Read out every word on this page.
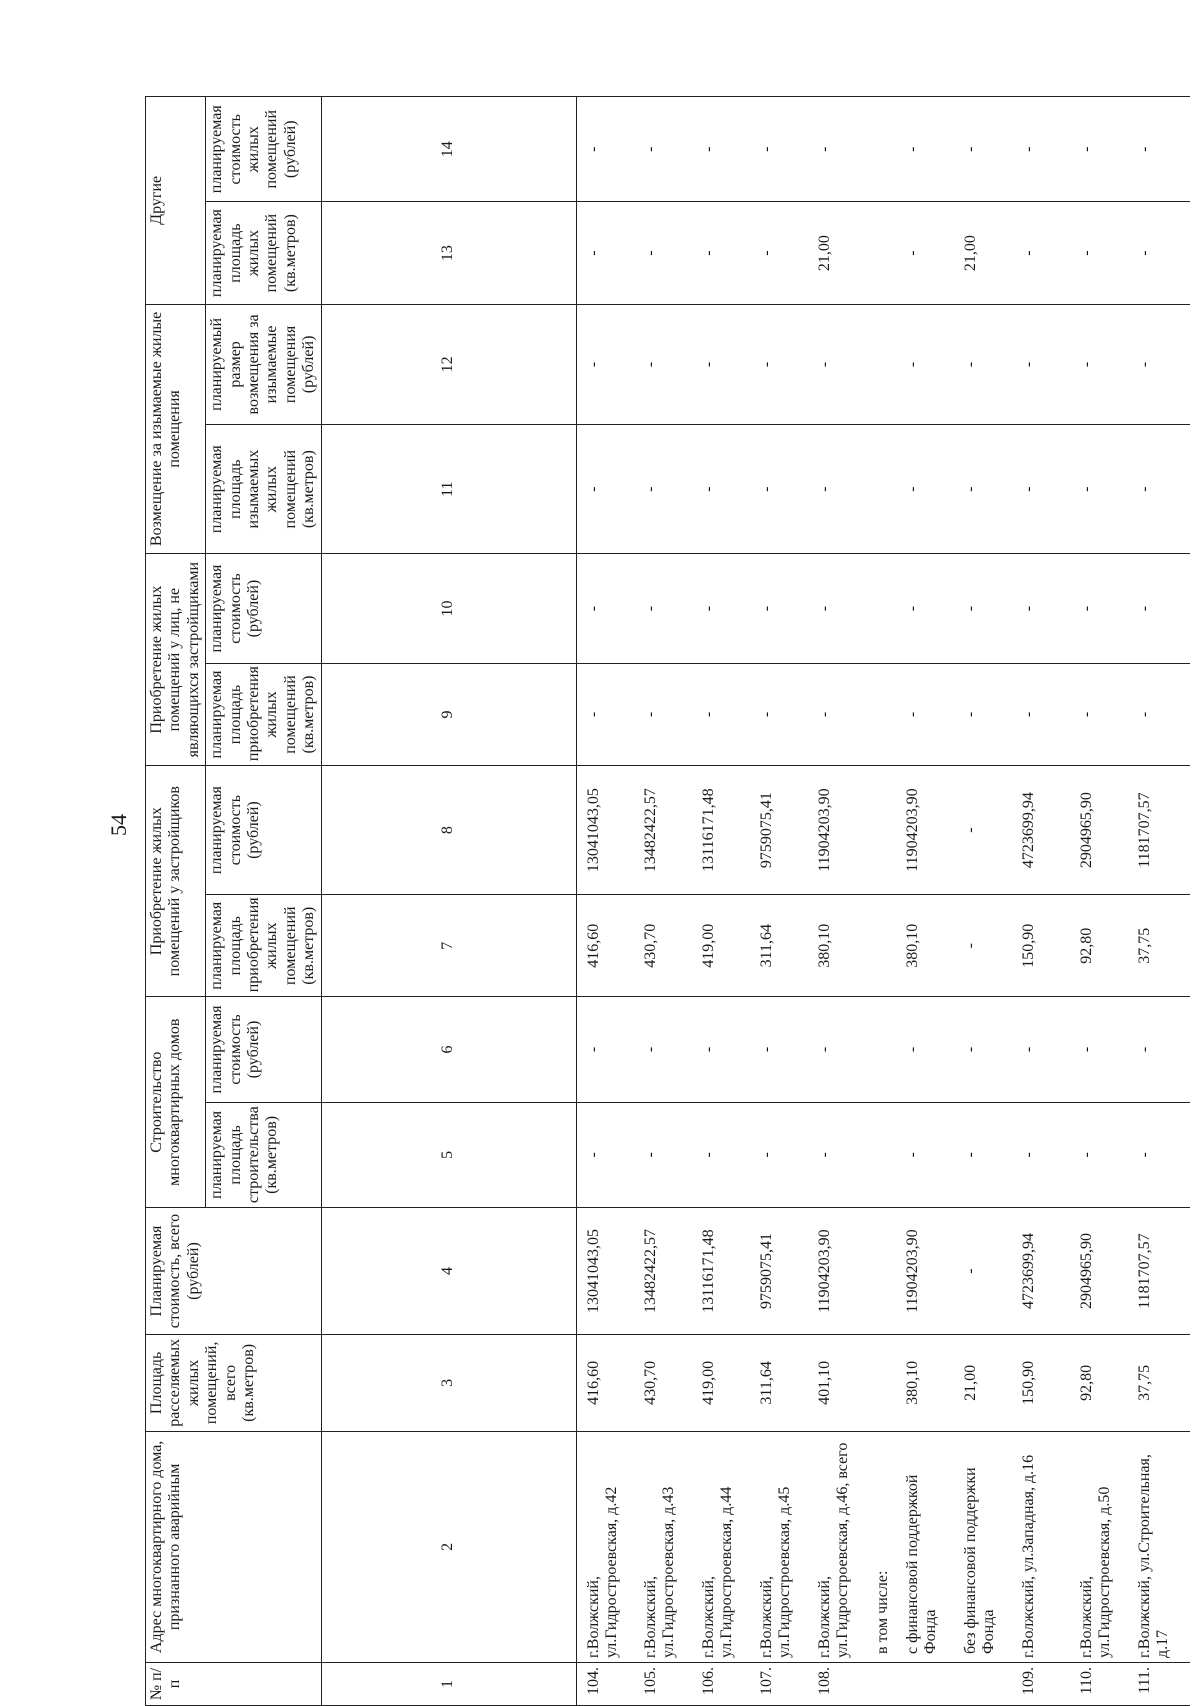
54
№ п/п	Адрес многоквартирного дома, признанного аварийным	Площадь расселяемых жилых помещений, всего (кв.метров)	Планируемая стоимость, всего (рублей)	Строительство многоквартирных домов		Приобретение жилых помещений у застройщиков		Приобретение жилых помещений у лиц, не являющихся застройщиками		Возмещение за изымаемые жилые помещения		Другие	
				планируемая площадь строительства (кв.метров)	планируемая стоимость (рублей)	планируемая площадь приобретения жилых помещений (кв.метров)	планируемая стоимость (рублей)	планируемая площадь приобретения жилых помещений (кв.метров)	планируемая стоимость (рублей)	планируемая площадь изымаемых жилых помещений (кв.метров)	планируемый размер возмещения за изымаемые помещения (рублей)	планируемая площадь жилых помещений (кв.метров)	планируемая стоимость жилых помещений (рублей)
1	2	3	4	5	6	7	8	9	10	11	12	13	14
104.	г.Волжский, ул.Гидростроевская, д.42	416,60	13041043,05	-	-	416,60	13041043,05	-	-	-	-	-	-
105.	г.Волжский, ул.Гидростроевская, д.43	430,70	13482422,57	-	-	430,70	13482422,57	-	-	-	-	-	-
106.	г.Волжский, ул.Гидростроевская, д.44	419,00	13116171,48	-	-	419,00	13116171,48	-	-	-	-	-	-
107.	г.Волжский, ул.Гидростроевская, д.45	311,64	9759075,41	-	-	311,64	9759075,41	-	-	-	-	-	-
108.	г.Волжский, ул.Гидростроевская, д.46, всего	401,10	11904203,90	-	-	380,10	11904203,90	-	-	-	-	21,00	-
	в том числе:												
	с финансовой поддержкой Фонда	380,10	11904203,90	-	-	380,10	11904203,90	-	-	-	-	-	-
	без финансовой поддержки Фонда	21,00	-	-	-	-	-	-	-	-	-	21,00	-
109.	г.Волжский, ул.Западная, д.16	150,90	4723699,94	-	-	150,90	4723699,94	-	-	-	-	-	-
110.	г.Волжский, ул.Гидростроевская, д.50	92,80	2904965,90	-	-	92,80	2904965,90	-	-	-	-	-	-
111.	г.Волжский, ул.Строительная, д.17	37,75	1181707,57	-	-	37,75	1181707,57	-	-	-	-	-	-
